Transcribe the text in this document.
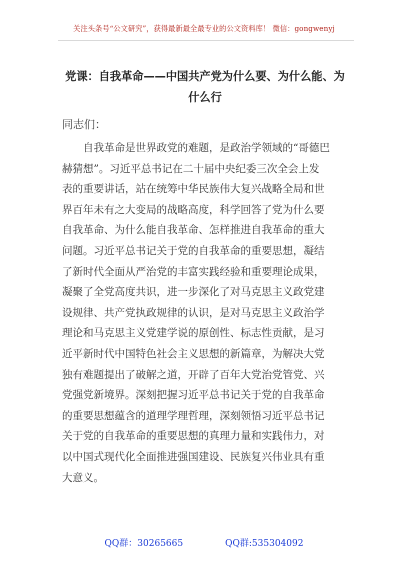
关注头条号“公文研究”，获得最新最全最专业的公文资料库！ 微信：gongwenyj
党课：自我革命——中国共产党为什么要、为什么能、为
什么行
同志们：
自我革命是世界政党的难题，是政治学领域的“哥德巴
赫猜想”。习近平总书记在二十届中央纪委三次全会上发
表的重要讲话，站在统筹中华民族伟大复兴战略全局和世
界百年未有之大变局的战略高度，科学回答了党为什么要
自我革命、为什么能自我革命、怎样推进自我革命的重大
问题。习近平总书记关于党的自我革命的重要思想，凝结
了新时代全面从严治党的丰富实践经验和重要理论成果，
凝聚了全党高度共识，进一步深化了对马克思主义政党建
设规律、共产党执政规律的认识，是对马克思主义政治学
理论和马克思主义党建学说的原创性、标志性贡献，是习
近平新时代中国特色社会主义思想的新篇章，为解决大党
独有难题提出了破解之道，开辟了百年大党治党管党、兴
党强党新境界。深刻把握习近平总书记关于党的自我革命
的重要思想蕴含的道理学理哲理，深刻领悟习近平总书记
关于党的自我革命的重要思想的真理力量和实践伟力，对
以中国式现代化全面推进强国建设、民族复兴伟业具有重
大意义。
QQ群：30265665	QQ群:535304092
